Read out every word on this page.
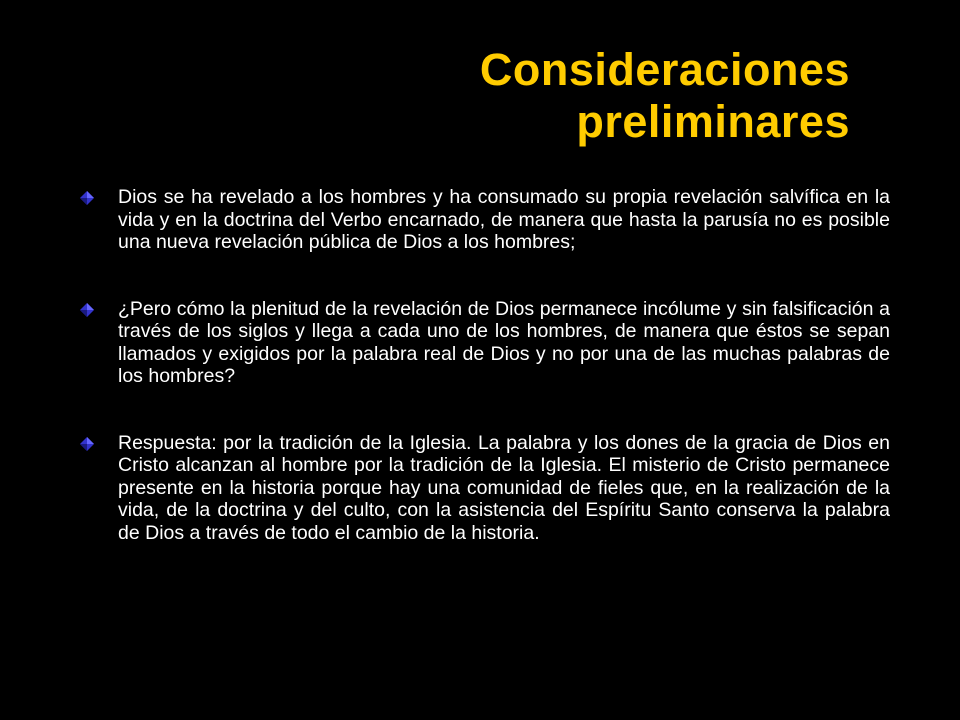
Consideraciones
preliminares
Dios se ha revelado a los hombres y ha consumado su propia revelación salvífica en la vida y en la doctrina del Verbo encarnado, de manera que hasta la parusía no es posible una nueva revelación pública de Dios a los hombres;
¿Pero cómo la plenitud de la revelación de Dios permanece incólume y sin falsificación a través de los siglos y llega a cada uno de los hombres, de manera que éstos se sepan llamados y exigidos por la palabra real de Dios y no por una de las muchas palabras de los hombres?
Respuesta: por la tradición de la Iglesia. La palabra y los dones de la gracia de Dios en Cristo alcanzan al hombre por la tradición de la Iglesia. El misterio de Cristo permanece presente en la historia porque hay una comunidad de fieles que, en la realización de la vida, de la doctrina y del culto, con la asistencia del Espíritu Santo conserva la palabra de Dios a través de todo el cambio de la historia.
